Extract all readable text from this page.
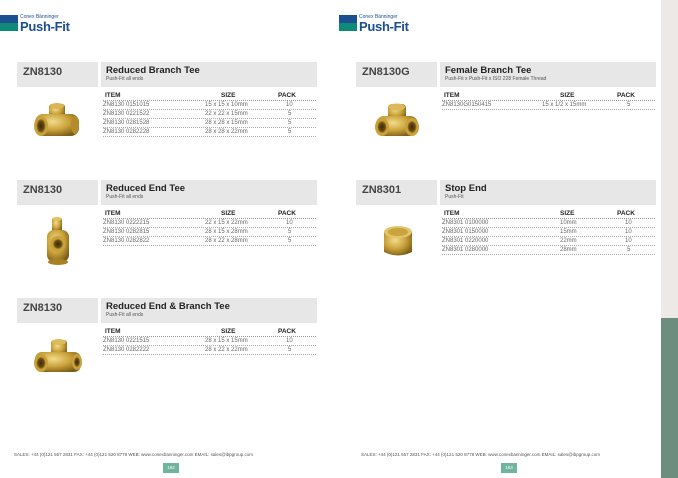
Conex Bänninger
Push-Fit
ZN8130	Reduced Branch Tee
Push-Fit all ends
ITEM	SIZE	PACK
ZN8130 0151015	15 x 15 x 10mm	10
ZN8130 0221522	22 x 22 x 15mm	5
ZN8130 0281528	28 x 28 x 15mm	5
ZN8130 0282228	28 x 28 x 22mm	5
ZN8130	Reduced End Tee
Push-Fit all ends
ITEM	SIZE	PACK
ZN8130 0222215	22 x 15 x 22mm	10
ZN8130 0282815	28 x 15 x 28mm	5
ZN8130 0282822	28 x 22 x 28mm	5
ZN8130	Reduced End & Branch Tee
Push-Fit all ends
ITEM	SIZE	PACK
ZN8130 0221515	28 x 15 x 15mm	10
ZN8130 0282222	28 x 22 x 22mm	5
SALES: +44 (0)121 557 2831 FAX: +44 (0)121 520 8778 WEB: www.conexbanninger.com EMAIL: sales@ibpgroup.com
182
Conex Bänninger
Push-Fit
ZN8130G	Female Branch Tee
Push-Fit x Push-Fit x ISO 228 Female Thread
ITEM	SIZE	PACK
ZN8130G0150415	15 x 1/2 x 15mm	5
ZN8301	Stop End
Push-Fit
ITEM	SIZE	PACK
ZN8301 0100000	10mm	10
ZN8301 0150000	15mm	10
ZN8301 0220000	22mm	10
ZN8301 0280000	28mm	5
SALES: +44 (0)121 557 2831 FAX: +44 (0)121 520 8778 WEB: www.conexbanninger.com EMAIL: sales@ibpgroup.com
183
